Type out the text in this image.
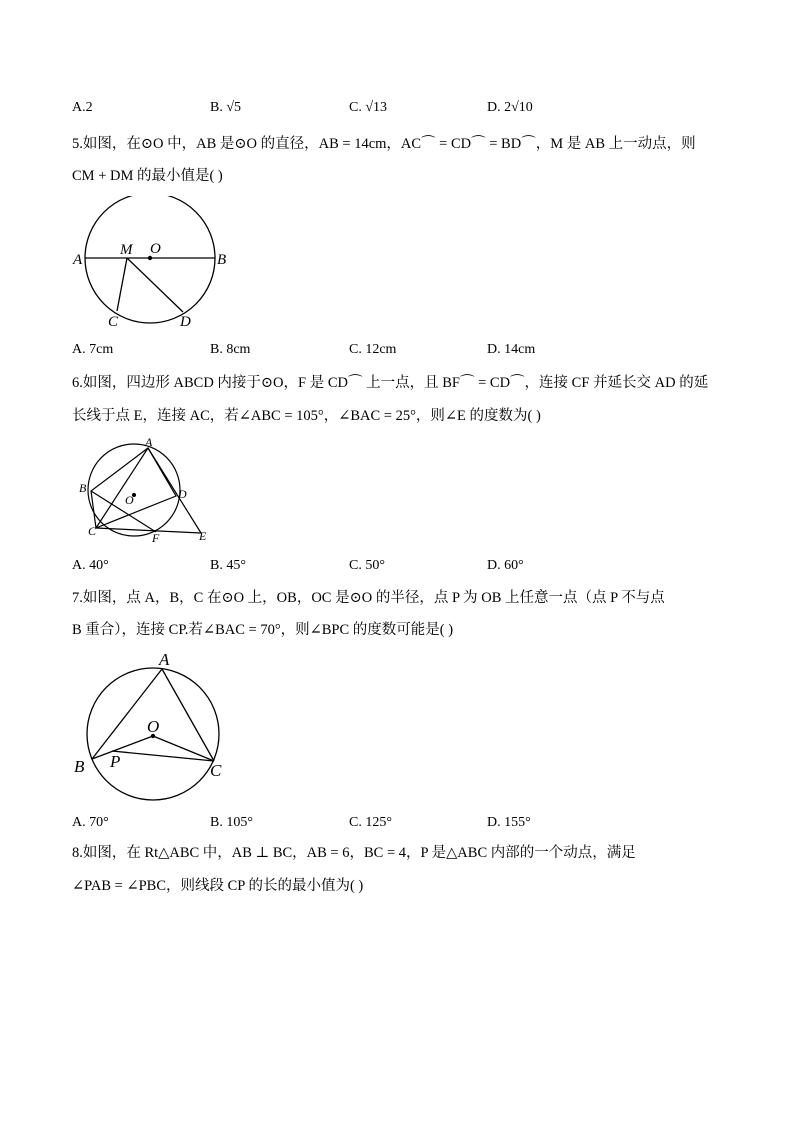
A.2	B. √5	C. √13	D. 2√10
5.如图，在⊙O 中，AB 是⊙O 的直径，AB = 14cm，AC⌒ = CD⌒ = BD⌒，M 是 AB 上一动点，则
CM + DM 的最小值是( )
A
M O
B
C	D
A. 7cm	B. 8cm	C. 12cm	D. 14cm
6.如图，四边形 ABCD 内接于⊙O，F 是 CD⌒ 上一点，且 BF⌒ = CD⌒，连接 CF 并延长交 AD 的延
长线于点 E，连接 AC，若∠ABC = 105°，∠BAC = 25°，则∠E 的度数为( )
A
B
O	D
C	F	E
A. 40°	B. 45°	C. 50°	D. 60°
7.如图，点 A，B，C 在⊙O 上，OB，OC 是⊙O 的半径，点 P 为 OB 上任意一点（点 P 不与点
B 重合），连接 CP.若∠BAC = 70°，则∠BPC 的度数可能是( )
A
O
B P	C
A. 70°	B. 105°	C. 125°	D. 155°
8.如图，在 Rt△ABC 中，AB ⊥ BC，AB = 6，BC = 4，P 是△ABC 内部的一个动点，满足
∠PAB = ∠PBC，则线段 CP 的长的最小值为( )
